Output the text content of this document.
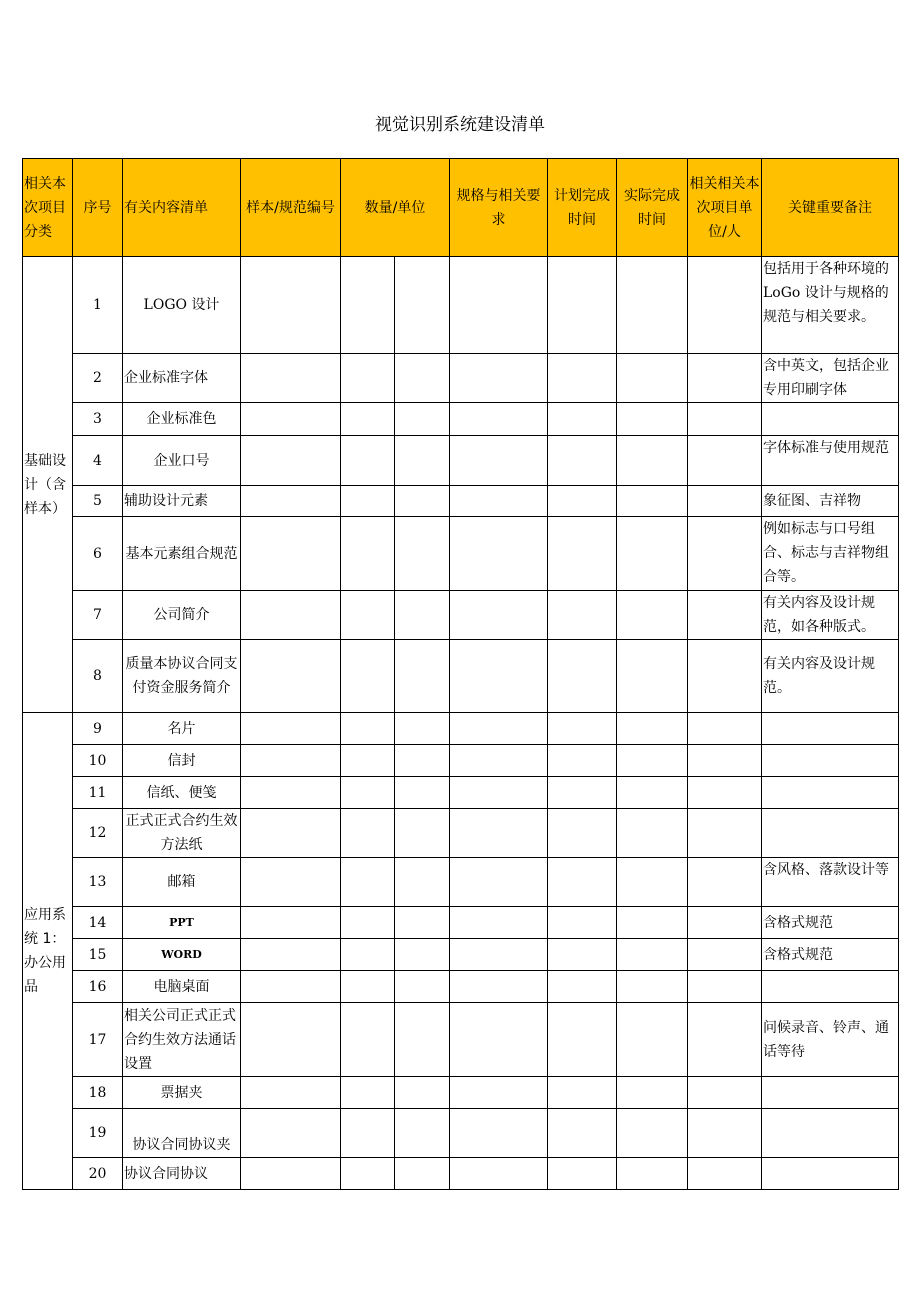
视觉识别系统建设清单
相关本次项目分类	序号	有关内容清单	样本/规范编号	数量/单位		规格与相关要求	计划完成时间	实际完成时间	相关相关本次项目单位/人	关键重要备注
基础设计（含样本）	1	LOGO 设计								包括用于各种环境的 LoGo 设计与规格的规范与相关要求。
	2	企业标准字体								含中英文，包括企业专用印刷字体
	3	企业标准色								
	4	企业口号								字体标准与使用规范
	5	辅助设计元素								象征图、吉祥物
	6	基本元素组合规范								例如标志与口号组合、标志与吉祥物组合等。
	7	公司简介								有关内容及设计规范，如各种版式。
	8	质量本协议合同支付资金服务简介								有关内容及设计规范。
应用系统 1：办公用品	9	名片								
	10	信封								
	11	信纸、便笺								
	12	正式正式合约生效方法纸								
	13	邮箱								含风格、落款设计等
	14	PPT								含格式规范
	15	WORD								含格式规范
	16	电脑桌面								
	17	相关公司正式正式合约生效方法通话设置								问候录音、铃声、通话等待
	18	票据夹								
	19	协议合同协议夹								
	20	协议合同协议								
